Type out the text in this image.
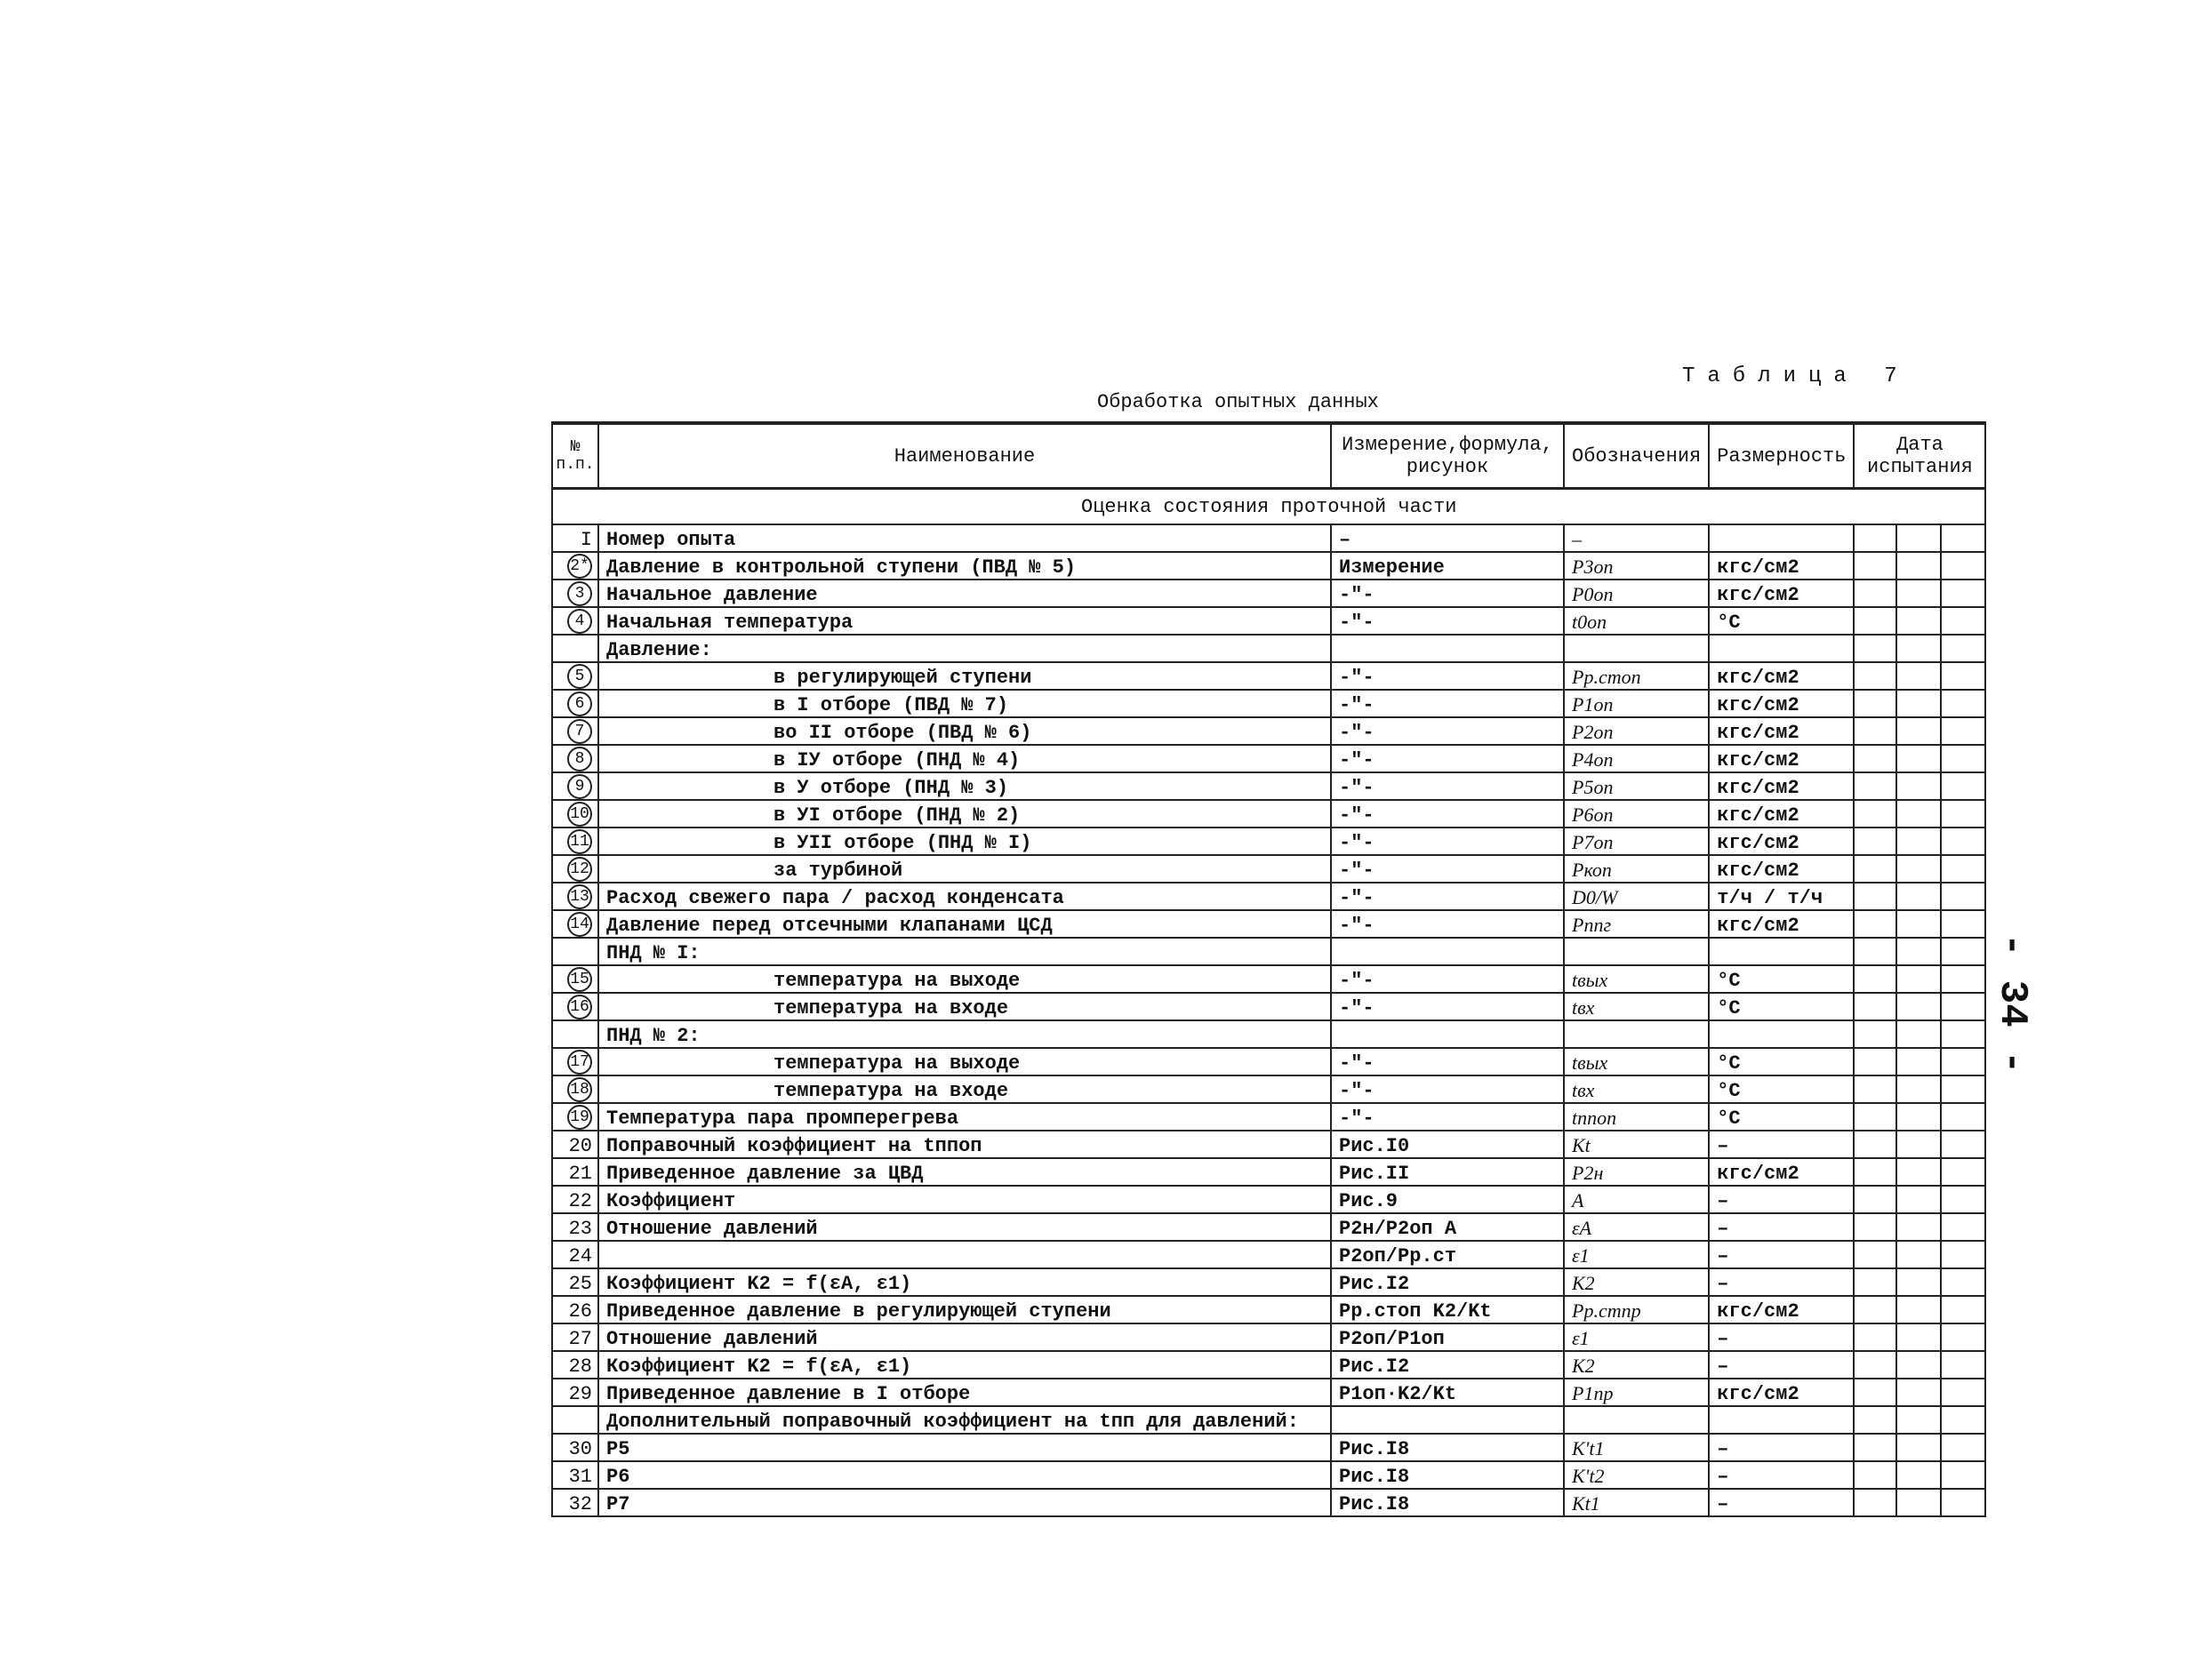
Таблица 7
Обработка опытных данных
- 34 -
№ п.п.	Наименование	Измерение,формула, рисунок	Обозначения	Размерность	Дата испытания		
Оценка состояния проточной части							
I	Номер опыта	–	–				
2*	Давление в контрольной ступени (ПВД № 5)	Измерение	P3оп	кгс/см2			
3	Начальное давление	-"-	P0оп	кгс/см2			
4	Начальная температура	-"-	t0оп	°C			
	Давление:						
5	в регулирующей ступени	-"-	Pp.стоп	кгс/см2			
6	в I отборе (ПВД № 7)	-"-	P1оп	кгс/см2			
7	во II отборе (ПВД № 6)	-"-	P2оп	кгс/см2			
8	в IУ отборе (ПНД № 4)	-"-	P4оп	кгс/см2			
9	в У отборе (ПНД № 3)	-"-	P5оп	кгс/см2			
10	в УI отборе (ПНД № 2)	-"-	P6оп	кгс/см2			
11	в УII отборе (ПНД № I)	-"-	P7оп	кгс/см2			
12	за турбиной	-"-	Pкоп	кгс/см2			
13	Расход свежего пара / расход конденсата	-"-	D0/W	т/ч / т/ч			
14	Давление перед отсечными клапанами ЦСД	-"-	Pппг	кгс/см2			
	ПНД № I:						
15	температура на выходе	-"-	tвых	°C			
16	температура на входе	-"-	tвх	°C			
	ПНД № 2:						
17	температура на выходе	-"-	tвых	°C			
18	температура на входе	-"-	tвх	°C			
19	Температура пара промперегрева	-"-	tппоп	°C			
20	Поправочный коэффициент на tппоп	Рис.I0	Kt	–			
21	Приведенное давление за ЦВД	Рис.II	P2н	кгс/см2			
22	Коэффициент	Рис.9	A	–			
23	Отношение давлений	P2н/P2оп A	εA	–			
24		P2оп/Pр.ст	ε1	–			
25	Коэффициент K2 = f(εA, ε1)	Рис.I2	K2	–			
26	Приведенное давление в регулирующей ступени	Pр.стоп K2/Kt	Pр.стпр	кгс/см2			
27	Отношение давлений	P2оп/P1оп	ε1	–			
28	Коэффициент K2 = f(εA, ε1)	Рис.I2	K2	–			
29	Приведенное давление в I отборе	P1оп·K2/Kt	P1пр	кгс/см2			
	Дополнительный поправочный коэффициент на tпп для давлений:						
30	P5	Рис.I8	K't1	–			
31	P6	Рис.I8	K't2	–			
32	P7	Рис.I8	Kt1	–			
